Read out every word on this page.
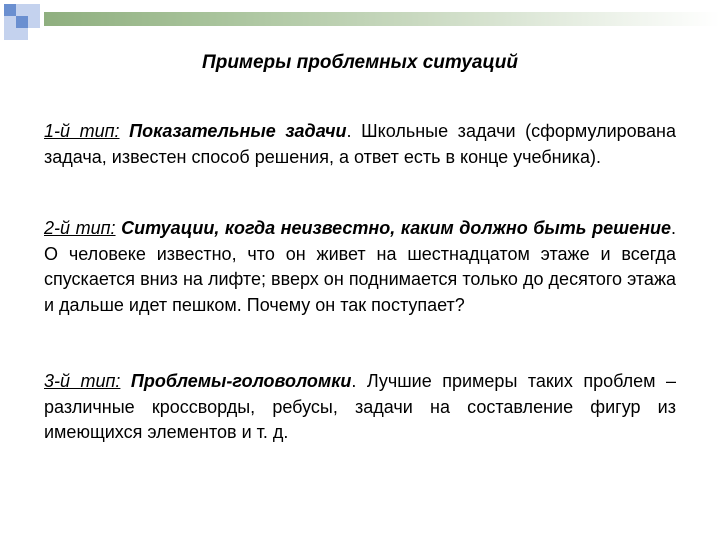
Примеры проблемных ситуаций
1-й тип: Показательные задачи. Школьные задачи (сформулирована задача, известен способ решения, а ответ есть в конце учебника).
2-й тип: Ситуации, когда неизвестно, каким должно быть решение. О человеке известно, что он живет на шестнадцатом этаже и всегда спускается вниз на лифте; вверх он поднимается только до десятого этажа и дальше идет пешком. Почему он так поступает?
3-й тип: Проблемы-головоломки. Лучшие примеры таких проблем – различные кроссворды, ребусы, задачи на составление фигур из имеющихся элементов и т. д.
